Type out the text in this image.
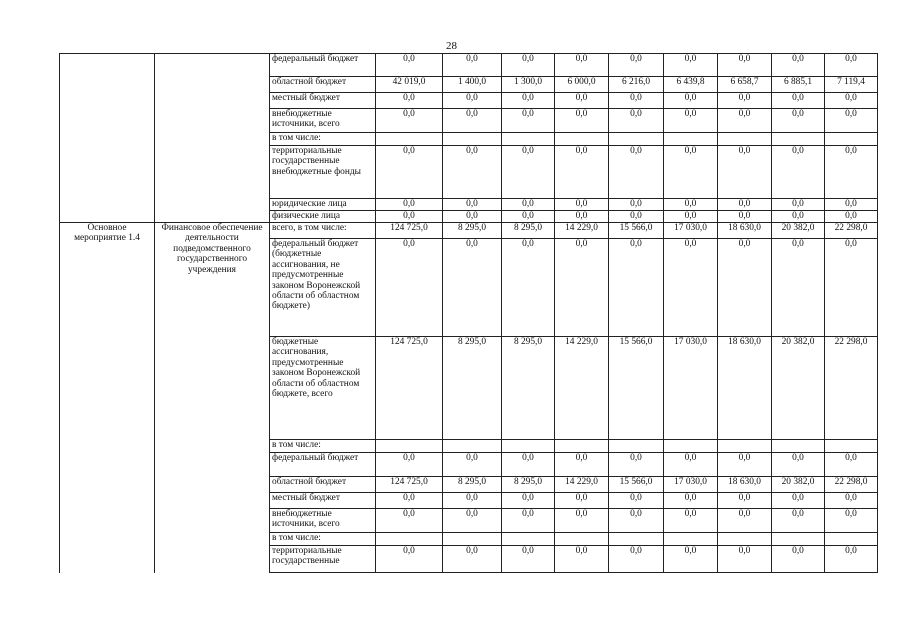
28
		федеральный бюджет	0,0	0,0	0,0	0,0	0,0	0,0	0,0	0,0	0,0
		областной бюджет	42 019,0	1 400,0	1 300,0	6 000,0	6 216,0	6 439,8	6 658,7	6 885,1	7 119,4
		местный бюджет	0,0	0,0	0,0	0,0	0,0	0,0	0,0	0,0	0,0
		внебюджетные источники, всего	0,0	0,0	0,0	0,0	0,0	0,0	0,0	0,0	0,0
		в том числе:									
		территориальные государственные внебюджетные фонды	0,0	0,0	0,0	0,0	0,0	0,0	0,0	0,0	0,0
		юридические лица	0,0	0,0	0,0	0,0	0,0	0,0	0,0	0,0	0,0
		физические лица	0,0	0,0	0,0	0,0	0,0	0,0	0,0	0,0	0,0
Основное мероприятие 1.4	Финансовое обеспечение деятельности подведомственного государственного учреждения	всего, в том числе:	124 725,0	8 295,0	8 295,0	14 229,0	15 566,0	17 030,0	18 630,0	20 382,0	22 298,0
		федеральный бюджет (бюджетные ассигнования, не предусмотренные законом Воронежской области об областном бюджете)	0,0	0,0	0,0	0,0	0,0	0,0	0,0	0,0	0,0
		бюджетные ассигнования, предусмотренные законом Воронежской области об областном бюджете, всего	124 725,0	8 295,0	8 295,0	14 229,0	15 566,0	17 030,0	18 630,0	20 382,0	22 298,0
		в том числе:									
		федеральный бюджет	0,0	0,0	0,0	0,0	0,0	0,0	0,0	0,0	0,0
		областной бюджет	124 725,0	8 295,0	8 295,0	14 229,0	15 566,0	17 030,0	18 630,0	20 382,0	22 298,0
		местный бюджет	0,0	0,0	0,0	0,0	0,0	0,0	0,0	0,0	0,0
		внебюджетные источники, всего	0,0	0,0	0,0	0,0	0,0	0,0	0,0	0,0	0,0
		в том числе:									
		территориальные государственные	0,0	0,0	0,0	0,0	0,0	0,0	0,0	0,0	0,0
